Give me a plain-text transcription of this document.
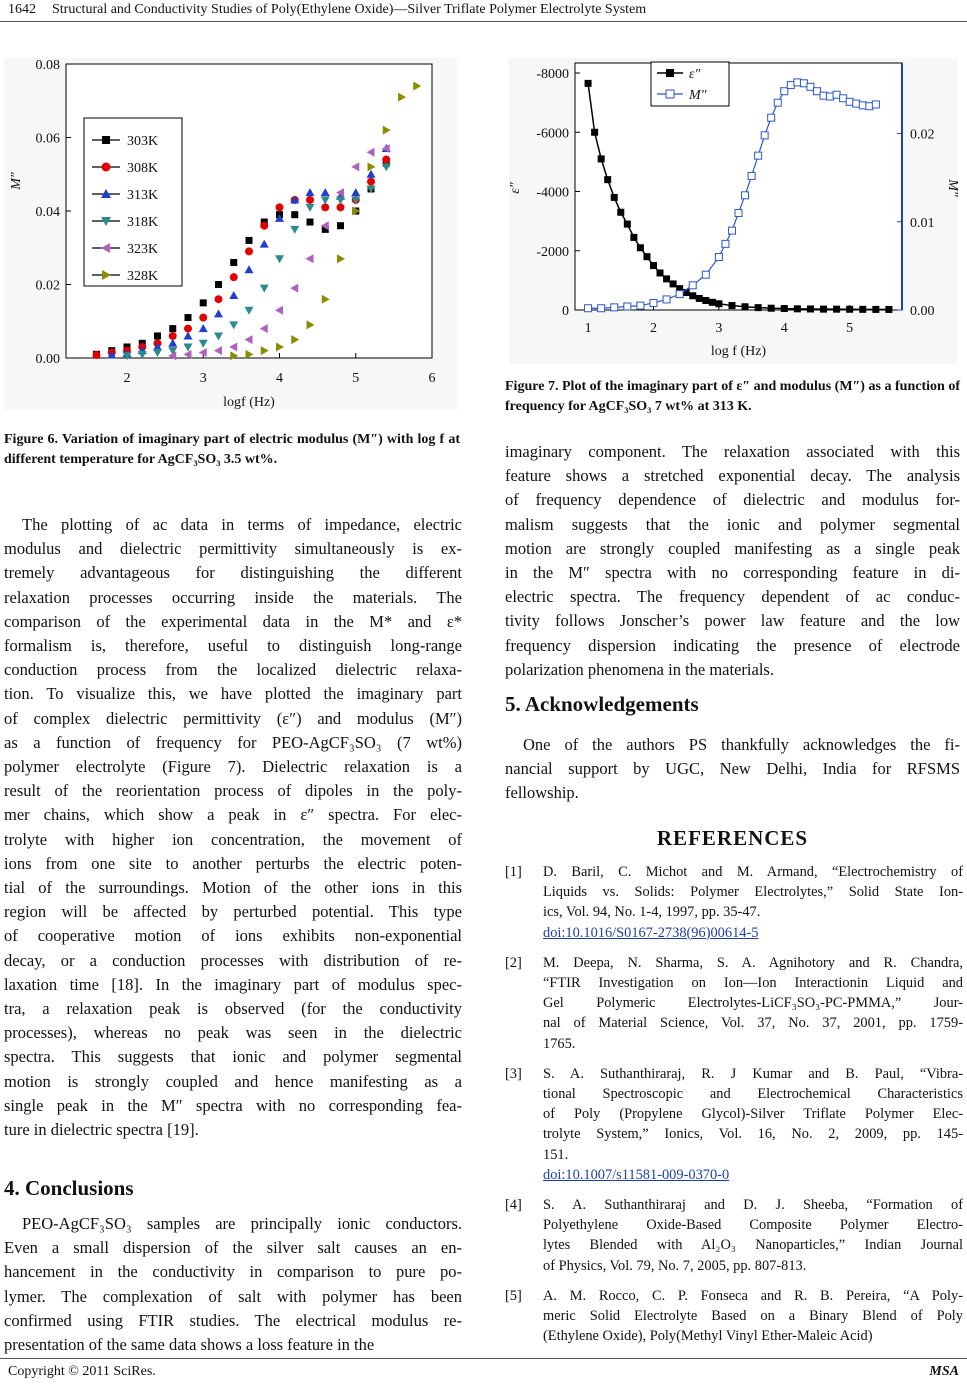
1642 Structural and Conductivity Studies of Poly(Ethylene Oxide)—Silver Triflate Polymer Electrolyte System
2	3	4	5	6
0.00
0.02
0.04
0.06
0.08
logf (Hz)
M″
303K
308K
313K
318K
323K
328K
Figure 6. Variation of imaginary part of electric modulus (M″) with log f at different temperature for AgCF₃SO₃ 3.5 wt%.
1	2	3	4	5
0
-2000
-4000
-6000
-8000
0.00
0.01
0.02
log f (Hz)
ε″	M″
ε″
M″
Figure 7. Plot of the imaginary part of ε″ and modulus (M″) as a function of frequency for AgCF₃SO₃ 7 wt% at 313 K.
The plotting of ac data in terms of impedance, electric
modulus and dielectric permittivity simultaneously is ex-
tremely advantageous for distinguishing the different
relaxation processes occurring inside the materials. The
comparison of the experimental data in the M* and ε*
formalism is, therefore, useful to distinguish long-range
conduction process from the localized dielectric relaxa-
tion. To visualize this, we have plotted the imaginary part
of complex dielectric permittivity (ε″) and modulus (M″)
as a function of frequency for PEO-AgCF₃SO₃ (7 wt%)
polymer electrolyte (Figure 7). Dielectric relaxation is a
result of the reorientation process of dipoles in the poly-
mer chains, which show a peak in ε″ spectra. For elec-
trolyte with higher ion concentration, the movement of
ions from one site to another perturbs the electric poten-
tial of the surroundings. Motion of the other ions in this
region will be affected by perturbed potential. This type
of cooperative motion of ions exhibits non-exponential
decay, or a conduction processes with distribution of re-
laxation time [18]. In the imaginary part of modulus spec-
tra, a relaxation peak is observed (for the conductivity
processes), whereas no peak was seen in the dielectric
spectra. This suggests that ionic and polymer segmental
motion is strongly coupled and hence manifesting as a
single peak in the M″ spectra with no corresponding fea-
ture in dielectric spectra [19].
4. Conclusions
PEO-AgCF₃SO₃ samples are principally ionic conductors.
Even a small dispersion of the silver salt causes an en-
hancement in the conductivity in comparison to pure po-
lymer. The complexation of salt with polymer has been
confirmed using FTIR studies. The electrical modulus re-
presentation of the same data shows a loss feature in the
imaginary component. The relaxation associated with this
feature shows a stretched exponential decay. The analysis
of frequency dependence of dielectric and modulus for-
malism suggests that the ionic and polymer segmental
motion are strongly coupled manifesting as a single peak
in the M″ spectra with no corresponding feature in di-
electric spectra. The frequency dependent of ac conduc-
tivity follows Jonscher’s power law feature and the low
frequency dispersion indicating the presence of electrode
polarization phenomena in the materials.
5. Acknowledgements
One of the authors PS thankfully acknowledges the fi-
nancial support by UGC, New Delhi, India for RFSMS
fellowship.
REFERENCES
[1] D. Baril, C. Michot and M. Armand, “Electrochemistry of
Liquids vs. Solids: Polymer Electrolytes,” Solid State Ion-
ics, Vol. 94, No. 1-4, 1997, pp. 35-47.
doi:10.1016/S0167-2738(96)00614-5
[2] M. Deepa, N. Sharma, S. A. Agnihotory and R. Chandra,
“FTIR Investigation on Ion—Ion Interactionin Liquid and
Gel Polymeric Electrolytes-LiCF₃SO₃-PC-PMMA,” Jour-
nal of Material Science, Vol. 37, No. 37, 2001, pp. 1759-
1765.
[3] S. A. Suthanthiraraj, R. J Kumar and B. Paul, “Vibra-
tional Spectroscopic and Electrochemical Characteristics
of Poly (Propylene Glycol)-Silver Triflate Polymer Elec-
trolyte System,” Ionics, Vol. 16, No. 2, 2009, pp. 145-
151.
doi:10.1007/s11581-009-0370-0
[4] S. A. Suthanthiraraj and D. J. Sheeba, “Formation of
Polyethylene Oxide-Based Composite Polymer Electro-
lytes Blended with Al₂O₃ Nanoparticles,” Indian Journal
of Physics, Vol. 79, No. 7, 2005, pp. 807-813.
[5] A. M. Rocco, C. P. Fonseca and R. B. Pereira, “A Poly-
meric Solid Electrolyte Based on a Binary Blend of Poly
(Ethylene Oxide), Poly(Methyl Vinyl Ether-Maleic Acid)
Copyright © 2011 SciRes.	MSA
